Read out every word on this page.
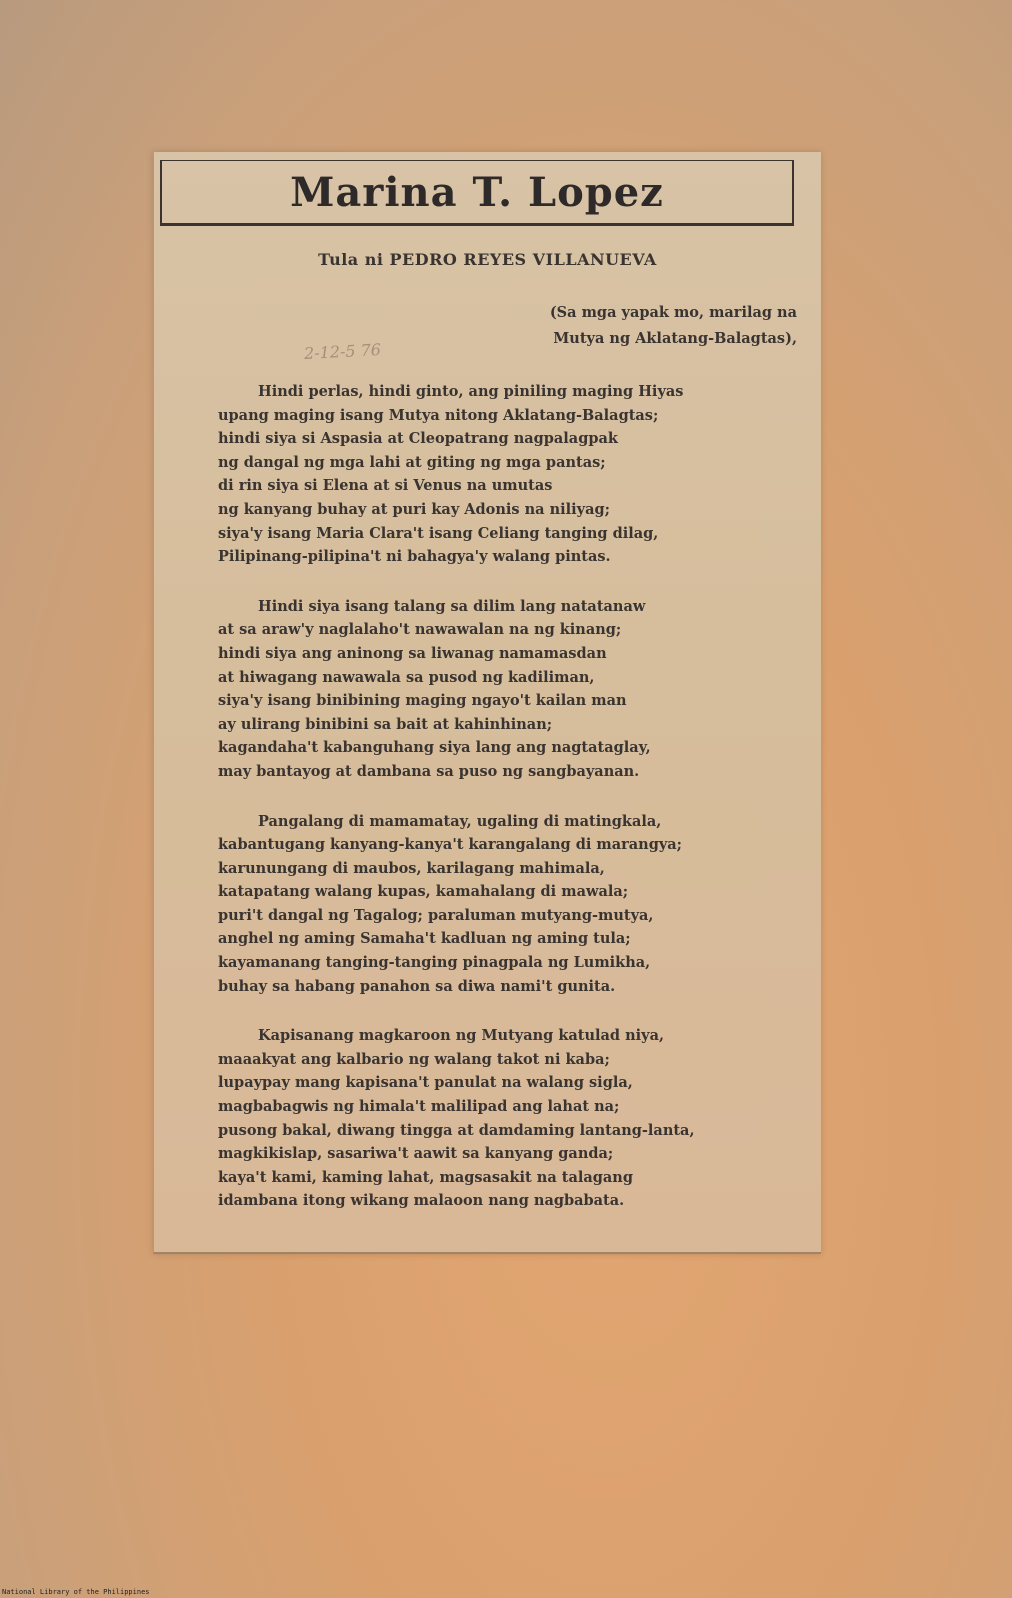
Marina T. Lopez
Tula ni PEDRO REYES VILLANUEVA
(Sa mga yapak mo, marilag na
Mutya ng Aklatang-Balagtas),
2-12-5 76
Hindi perlas, hindi ginto, ang piniling maging Hiyas
upang maging isang Mutya nitong Aklatang-Balagtas;
hindi siya si Aspasia at Cleopatrang nagpalagpak
ng dangal ng mga lahi at giting ng mga pantas;
di rin siya si Elena at si Venus na umutas
ng kanyang buhay at puri kay Adonis na niliyag;
siya'y isang Maria Clara't isang Celiang tanging dilag,
Pilipinang-pilipina't ni bahagya'y walang pintas.
Hindi siya isang talang sa dilim lang natatanaw
at sa araw'y naglalaho't nawawalan na ng kinang;
hindi siya ang aninong sa liwanag namamasdan
at hiwagang nawawala sa pusod ng kadiliman,
siya'y isang binibining maging ngayo't kailan man
ay ulirang binibini sa bait at kahinhinan;
kagandaha't kabanguhang siya lang ang nagtataglay,
may bantayog at dambana sa puso ng sangbayanan.
Pangalang di mamamatay, ugaling di matingkala,
kabantugang kanyang-kanya't karangalang di marangya;
karunungang di maubos, karilagang mahimala,
katapatang walang kupas, kamahalang di mawala;
puri't dangal ng Tagalog; paraluman mutyang-mutya,
anghel ng aming Samaha't kadluan ng aming tula;
kayamanang tanging-tanging pinagpala ng Lumikha,
buhay sa habang panahon sa diwa nami't gunita.
Kapisanang magkaroon ng Mutyang katulad niya,
maaakyat ang kalbario ng walang takot ni kaba;
lupaypay mang kapisana't panulat na walang sigla,
magbabagwis ng himala't malilipad ang lahat na;
pusong bakal, diwang tingga at damdaming lantang-lanta,
magkikislap, sasariwa't aawit sa kanyang ganda;
kaya't kami, kaming lahat, magsasakit na talagang
idambana itong wikang malaoon nang nagbabata.
National Library of the Philippines
